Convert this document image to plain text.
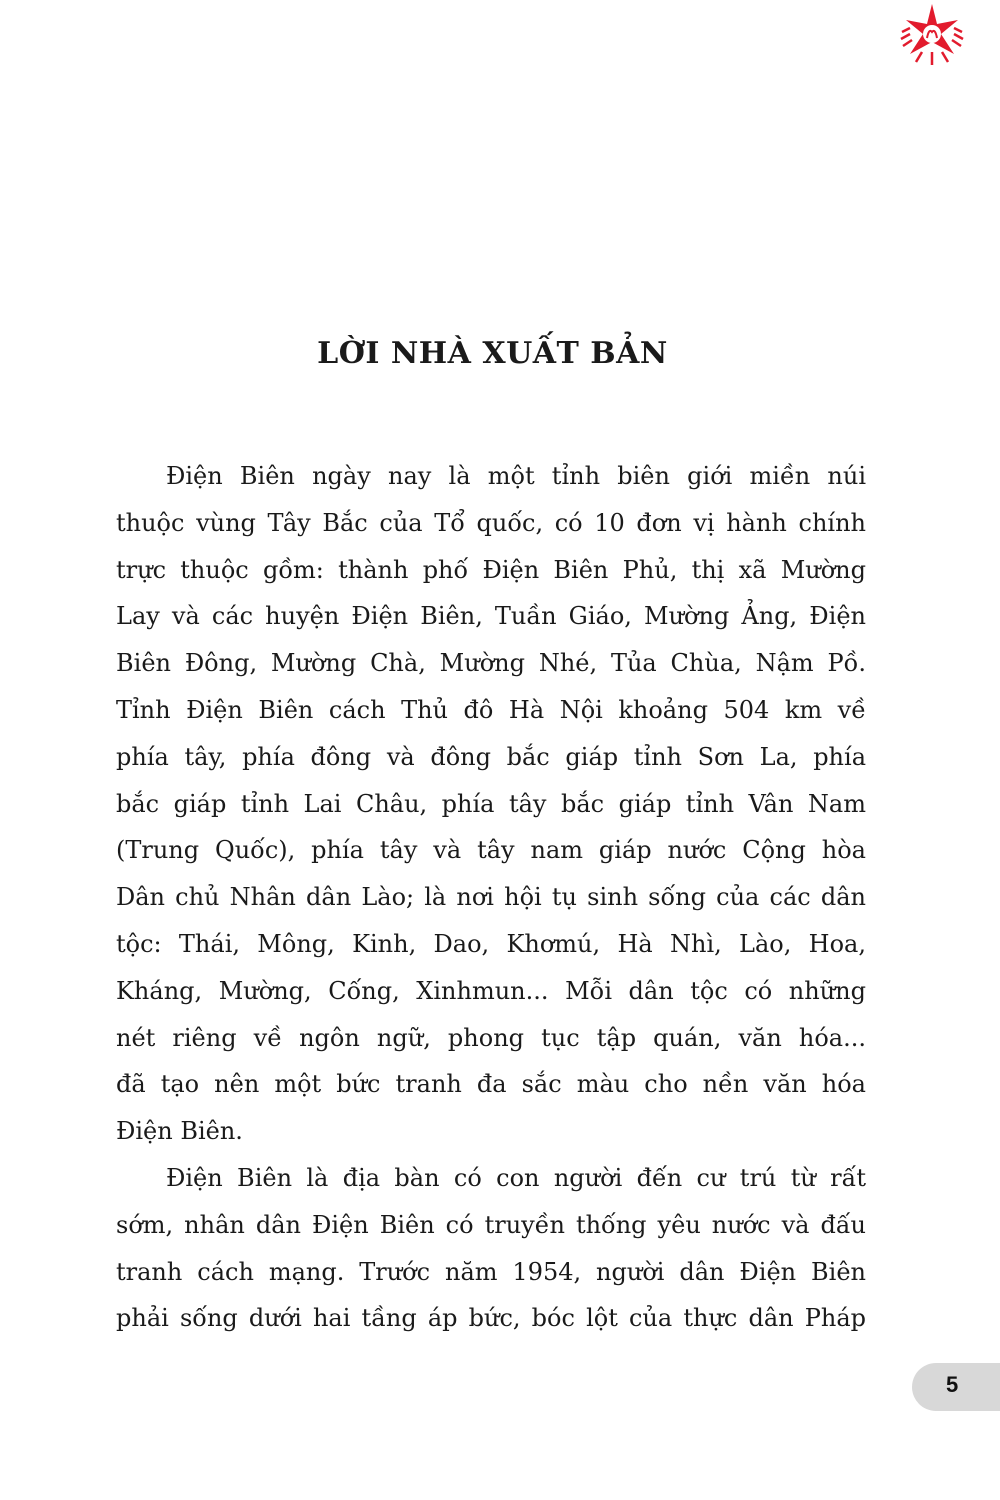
LỜI NHÀ XUẤT BẢN

Điện Biên ngày nay là một tỉnh biên giới miền núi
thuộc vùng Tây Bắc của Tổ quốc, có 10 đơn vị hành chính
trực thuộc gồm: thành phố Điện Biên Phủ, thị xã Mường
Lay và các huyện Điện Biên, Tuần Giáo, Mường Ảng, Điện
Biên Đông, Mường Chà, Mường Nhé, Tủa Chùa, Nậm Pồ.
Tỉnh Điện Biên cách Thủ đô Hà Nội khoảng 504 km về
phía tây, phía đông và đông bắc giáp tỉnh Sơn La, phía
bắc giáp tỉnh Lai Châu, phía tây bắc giáp tỉnh Vân Nam
(Trung Quốc), phía tây và tây nam giáp nước Cộng hòa
Dân chủ Nhân dân Lào; là nơi hội tụ sinh sống của các dân
tộc: Thái, Mông, Kinh, Dao, Khơmú, Hà Nhì, Lào, Hoa,
Kháng, Mường, Cống, Xinhmun... Mỗi dân tộc có những
nét riêng về ngôn ngữ, phong tục tập quán, văn hóa...
đã tạo nên một bức tranh đa sắc màu cho nền văn hóa
Điện Biên.

Điện Biên là địa bàn có con người đến cư trú từ rất
sớm, nhân dân Điện Biên có truyền thống yêu nước và đấu
tranh cách mạng. Trước năm 1954, người dân Điện Biên
phải sống dưới hai tầng áp bức, bóc lột của thực dân Pháp

5
